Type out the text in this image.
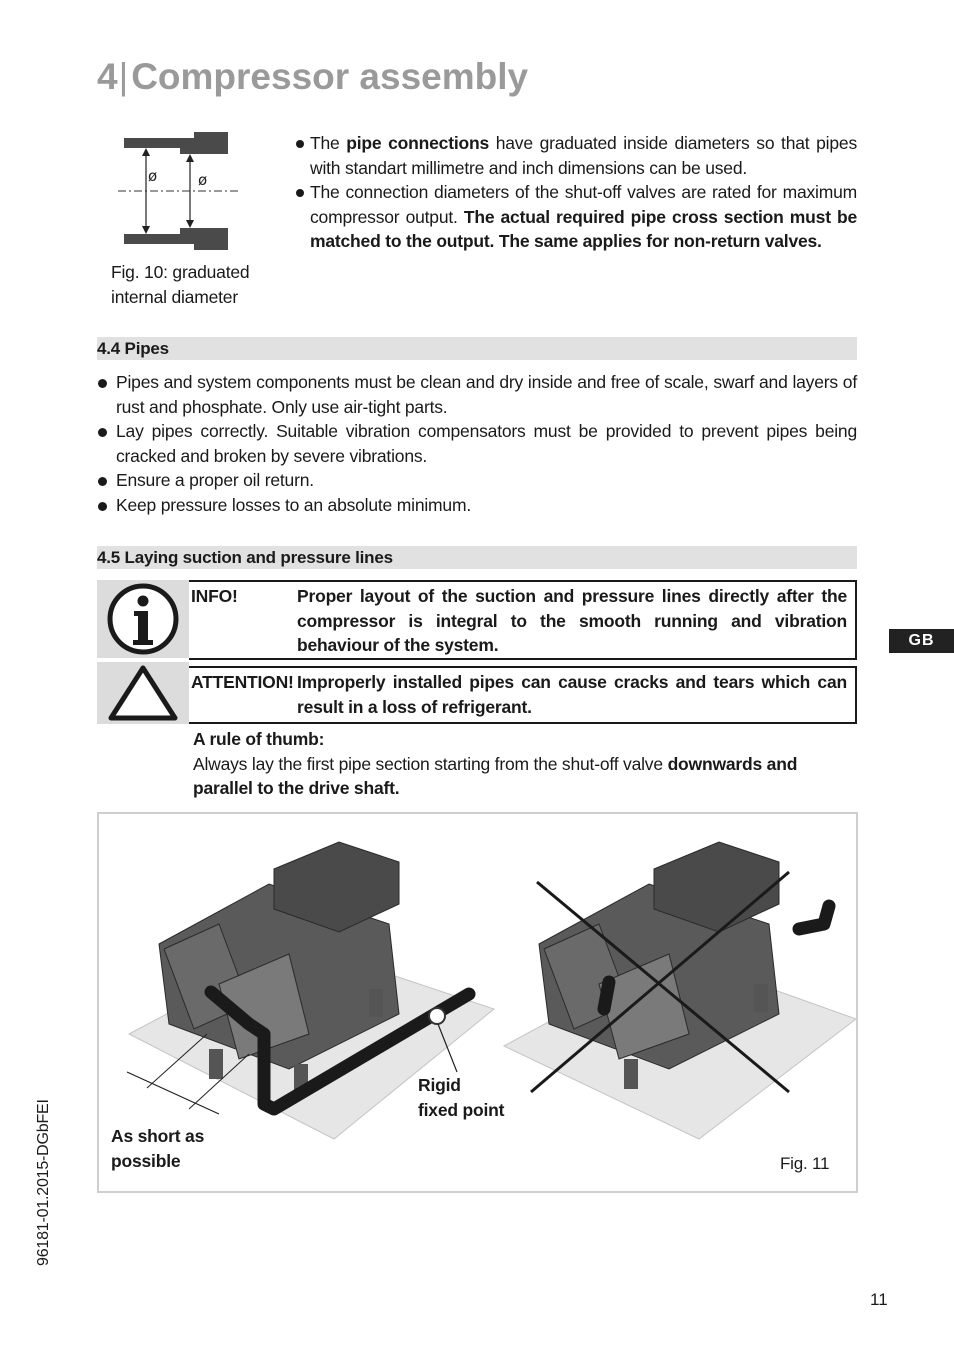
4|Compressor assembly
ø	ø
Fig. 10: graduated
internal diameter
The pipe connections have graduated inside diameters so that pipes with standart millimetre and inch dimensions can be used.
The connection diameters of the shut-off valves are rated for maximum compressor output. The actual required pipe cross section must be matched to the output. The same applies for non-return valves.
4.4 Pipes
Pipes and system components must be clean and dry inside and free of scale, swarf and layers of rust and phosphate. Only use air-tight parts.
Lay pipes correctly. Suitable vibration compensators must be provided to prevent pipes being cracked and broken by severe vibrations.
Ensure a proper oil return.
Keep pressure losses to an absolute minimum.
4.5 Laying suction and pressure lines
INFO!	Proper layout of the suction and pressure lines directly after the compressor is integral to the smooth running and vibration behaviour of the system.
ATTENTION! Improperly installed pipes can cause cracks and tears which can result in a loss of refrigerant.
A rule of thumb:
Always lay the first pipe section starting from the shut-off valve downwards and parallel to the drive shaft.
As short as
possible
Rigid
fixed point
Fig. 11
GB
96181-01.2015-DGbFEI
11
